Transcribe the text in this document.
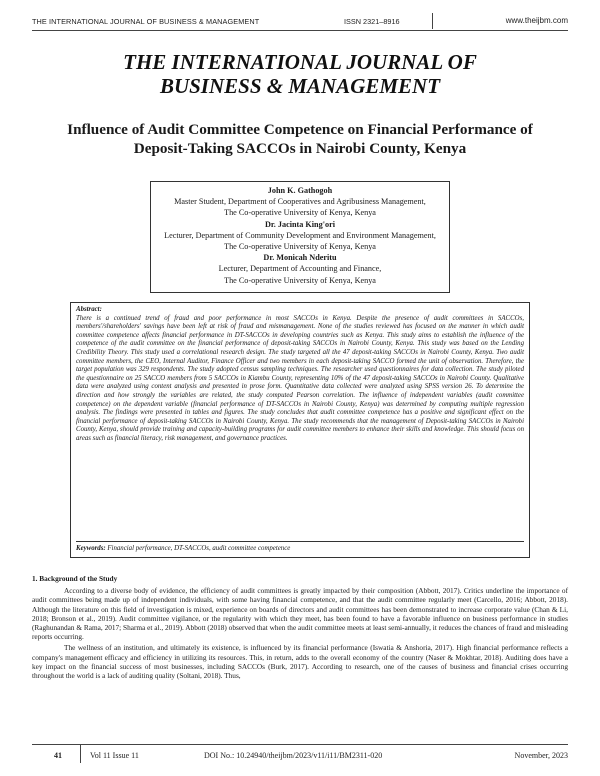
THE INTERNATIONAL JOURNAL OF BUSINESS & MANAGEMENT	ISSN 2321–8916	www.theijbm.com
THE INTERNATIONAL JOURNAL OF
BUSINESS & MANAGEMENT
Influence of Audit Committee Competence on Financial Performance of Deposit-Taking SACCOs in Nairobi County, Kenya
John K. Gathogoh
Master Student, Department of Cooperatives and Agribusiness Management,
The Co-operative University of Kenya, Kenya
Dr. Jacinta King'ori
Lecturer, Department of Community Development and Environment Management,
The Co-operative University of Kenya, Kenya
Dr. Monicah Nderitu
Lecturer, Department of Accounting and Finance,
The Co-operative University of Kenya, Kenya
Abstract:
There is a continued trend of fraud and poor performance in most SACCOs in Kenya. Despite the presence of audit committees in SACCOs, members'/shareholders' savings have been left at risk of fraud and mismanagement. None of the studies reviewed has focused on the manner in which audit committee competence affects financial performance in DT-SACCOs in developing countries such as Kenya. This study aims to establish the influence of the competence of the audit committee on the financial performance of deposit-taking SACCOs in Nairobi County, Kenya. This study was based on the Lending Credibility Theory. This study used a correlational research design. The study targeted all the 47 deposit-taking SACCOs in Nairobi County, Kenya. Two audit committee members, the CEO, Internal Auditor, Finance Officer and two members in each deposit-taking SACCO formed the unit of observation. Therefore, the target population was 329 respondents. The study adopted census sampling techniques. The researcher used questionnaires for data collection. The study piloted the questionnaire on 25 SACCO members from 5 SACCOs in Kiambu County, representing 10% of the 47 deposit-taking SACCOs in Nairobi County. Qualitative data were analyzed using content analysis and presented in prose form. Quantitative data collected were analyzed using SPSS version 26. To determine the direction and how strongly the variables are related, the study computed Pearson correlation. The influence of independent variables (audit committee competence) on the dependent variable (financial performance of DT-SACCOs in Nairobi County, Kenya) was determined by computing multiple regression analysis. The findings were presented in tables and figures. The study concludes that audit committee competence has a positive and significant effect on the financial performance of deposit-taking SACCOs in Nairobi County, Kenya. The study recommends that the management of Deposit-taking SACCOs in Nairobi County, Kenya, should provide training and capacity-building programs for audit committee members to enhance their skills and knowledge. This should focus on areas such as financial literacy, risk management, and governance practices.
Keywords: Financial performance, DT-SACCOs, audit committee competence
1. Background of the Study

According to a diverse body of evidence, the efficiency of audit committees is greatly impacted by their composition (Abbott, 2017). Critics underline the importance of audit committees being made up of independent individuals, with some having financial competence, and that the audit committee regularly meet (Carcello, 2016; Abbott, 2018). Although the literature on this field of investigation is mixed, experience on boards of directors and audit committees has been demonstrated to increase corporate value (Chan & Li, 2018; Bronson et al., 2019). Audit committee vigilance, or the regularity with which they meet, has been found to have a favorable influence on business performance in studies (Raghunandan & Rama, 2017; Sharma et al., 2019). Abbott (2018) observed that when the audit committee meets at least semi-annually, it reduces the chances of fraud and misleading reports occurring.

The wellness of an institution, and ultimately its existence, is influenced by its financial performance (Iswatia & Anshoria, 2017). High financial performance reflects a company's management efficacy and efficiency in utilizing its resources. This, in return, adds to the overall economy of the country (Naser & Mokhtar, 2018). Auditing does have a key impact on the financial success of most businesses, including SACCOs (Burk, 2017). According to research, one of the causes of business and financial crises occurring throughout the world is a lack of auditing quality (Soltani, 2018). Thus,

41	Vol 11 Issue 11	DOI No.: 10.24940/theijbm/2023/v11/i11/BM2311-020	November, 2023
